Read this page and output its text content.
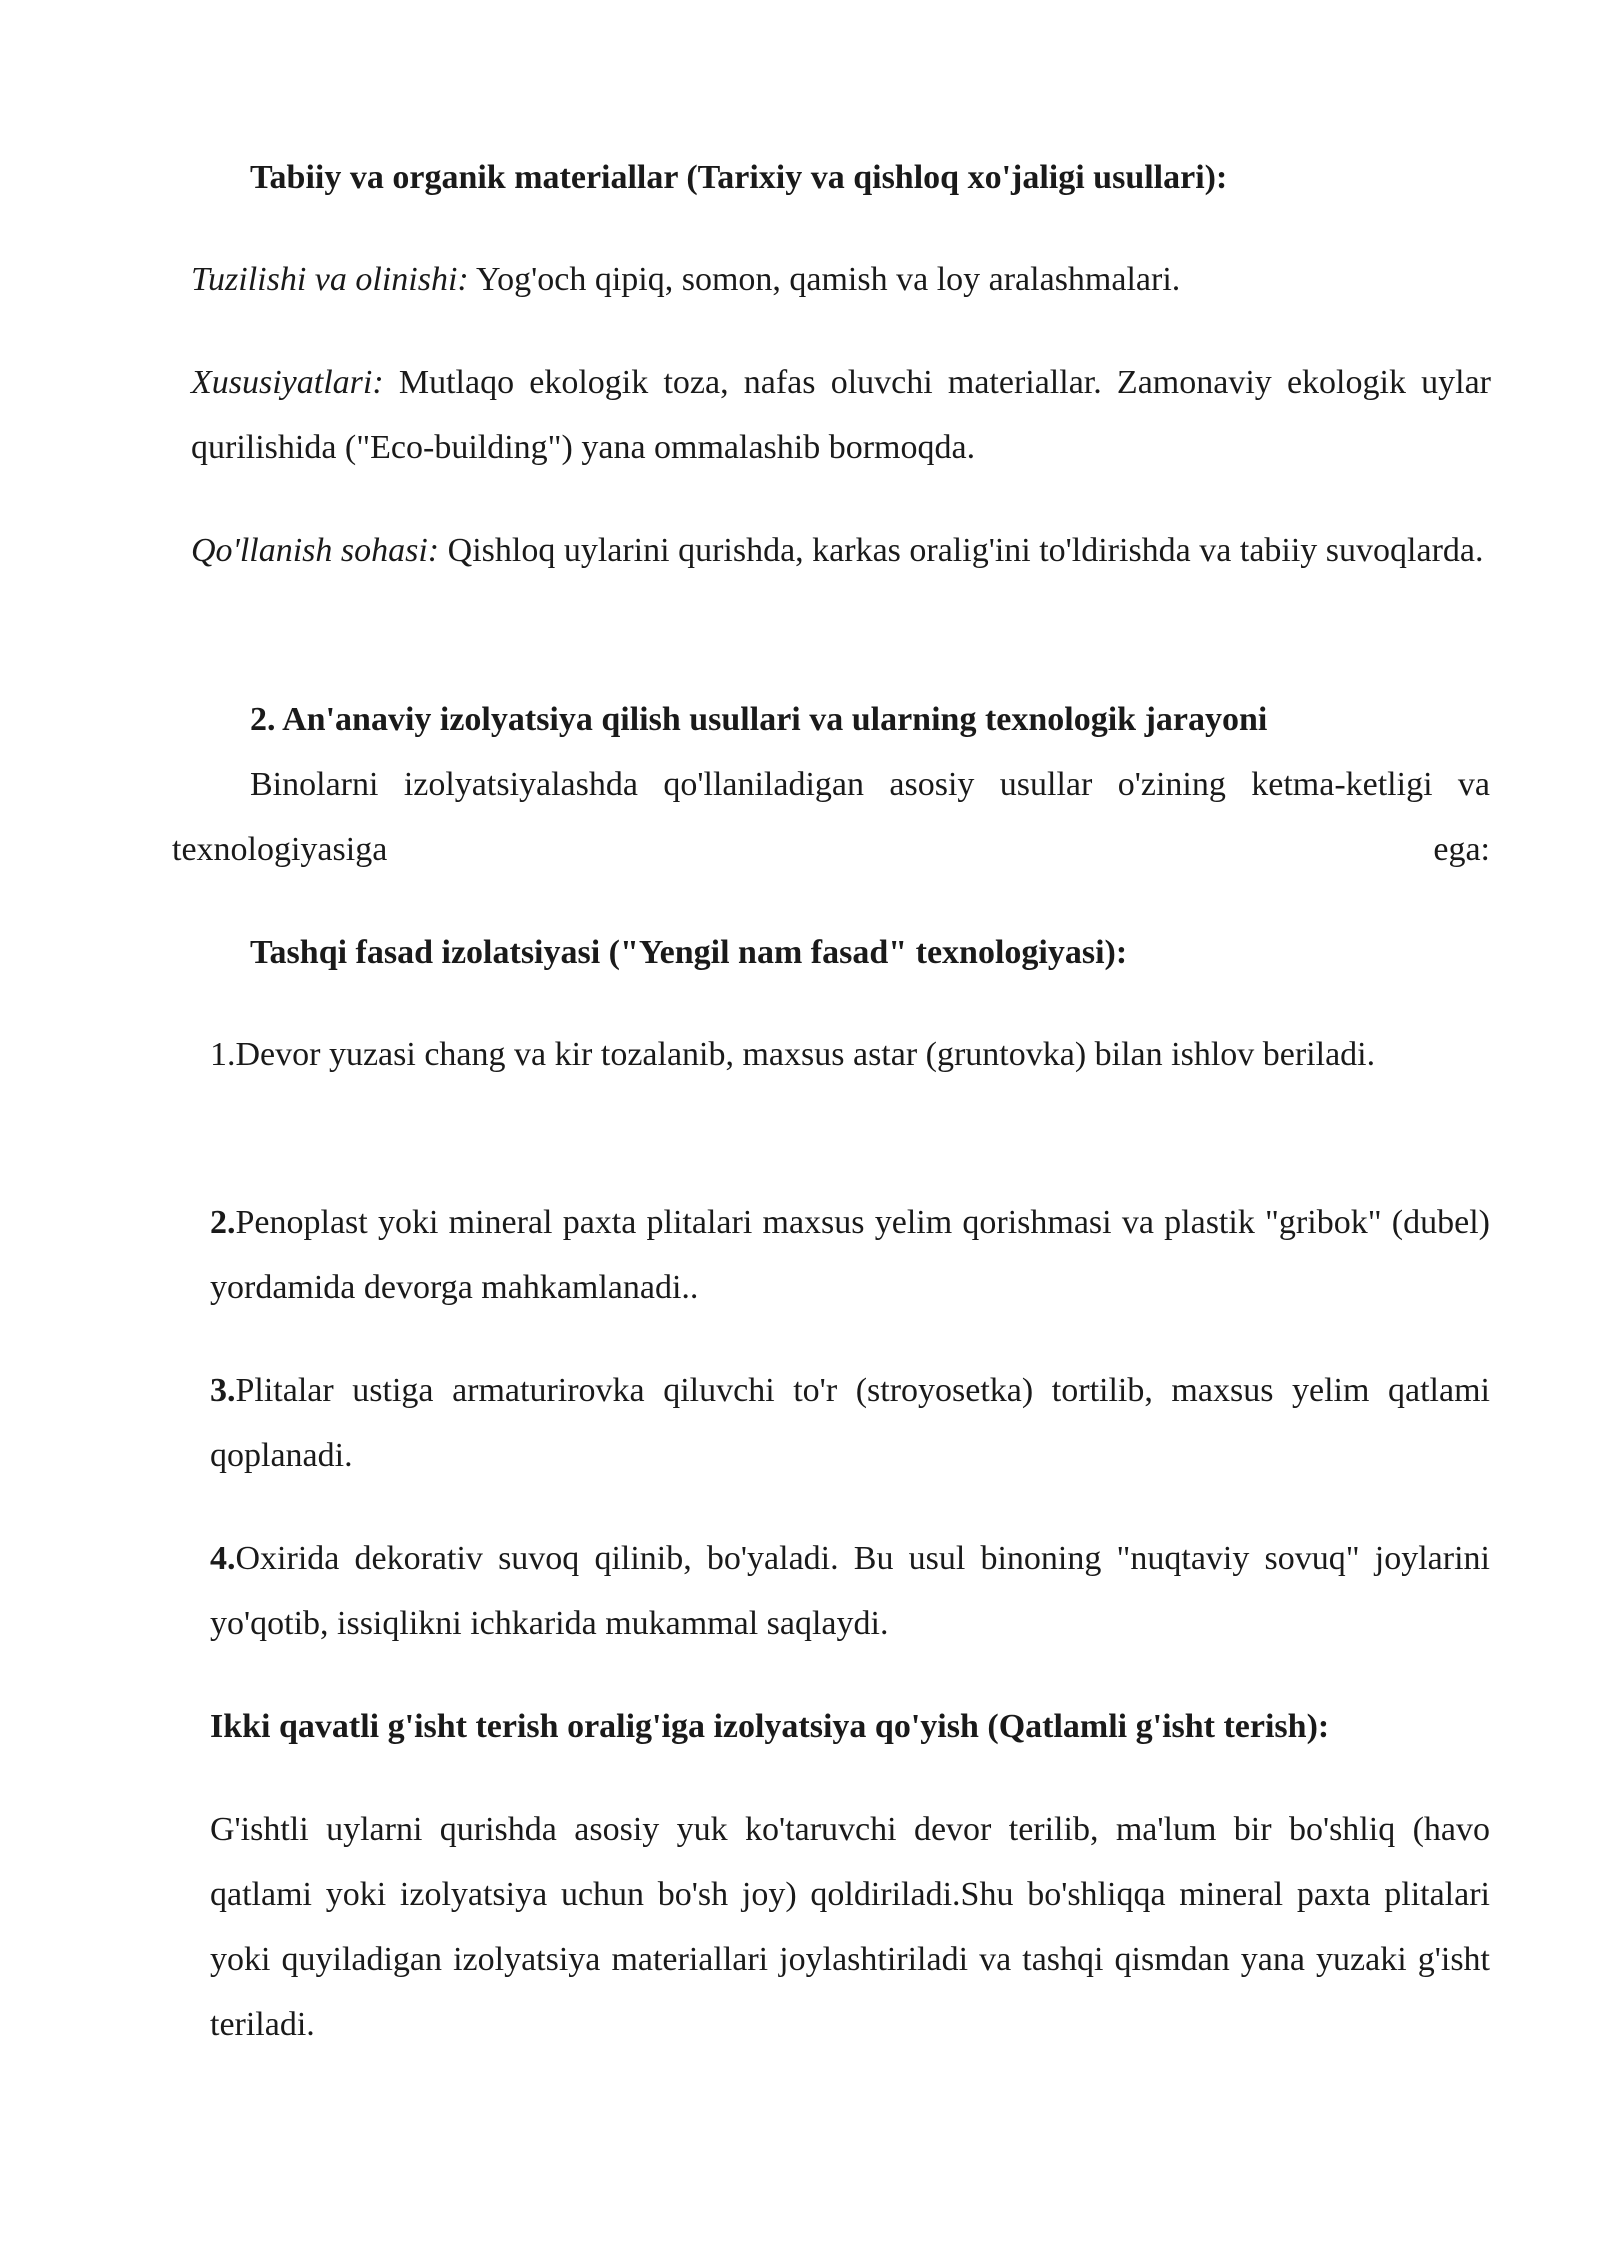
Tabiiy va organik materiallar (Tarixiy va qishloq xo'jaligi usullari):
Tuzilishi va olinishi: Yog'och qipiq, somon, qamish va loy aralashmalari.
Xususiyatlari: Mutlaqo ekologik toza, nafas oluvchi materiallar. Zamonaviy ekologik uylar qurilishida ("Eco-building") yana ommalashib bormoqda.
Qo'llanish sohasi: Qishloq uylarini qurishda, karkas oralig'ini to'ldirishda va tabiiy suvoqlarda.
2. An'anaviy izolyatsiya qilish usullari va ularning texnologik jarayoni
Binolarni izolyatsiyalashda qo'llaniladigan asosiy usullar o'zining ketma-ketligi va texnologiyasiga ega:
Tashqi fasad izolatsiyasi ("Yengil nam fasad" texnologiyasi):
1.Devor yuzasi chang va kir tozalanib, maxsus astar (gruntovka) bilan ishlov beriladi.
2.Penoplast yoki mineral paxta plitalari maxsus yelim qorishmasi va plastik "gribok" (dubel) yordamida devorga mahkamlanadi..
3.Plitalar ustiga armaturirovka qiluvchi to'r (stroyosetka) tortilib, maxsus yelim qatlami qoplanadi.
4.Oxirida dekorativ suvoq qilinib, bo'yaladi. Bu usul binoning "nuqtaviy sovuq" joylarini yo'qotib, issiqlikni ichkarida mukammal saqlaydi.
Ikki qavatli g'isht terish oralig'iga izolyatsiya qo'yish (Qatlamli g'isht terish):
G'ishtli uylarni qurishda asosiy yuk ko'taruvchi devor terilib, ma'lum bir bo'shliq (havo qatlami yoki izolyatsiya uchun bo'sh joy) qoldiriladi.Shu bo'shliqqa mineral paxta plitalari yoki quyiladigan izolyatsiya materiallari joylashtiriladi va tashqi qismdan yana yuzaki g'isht teriladi.
